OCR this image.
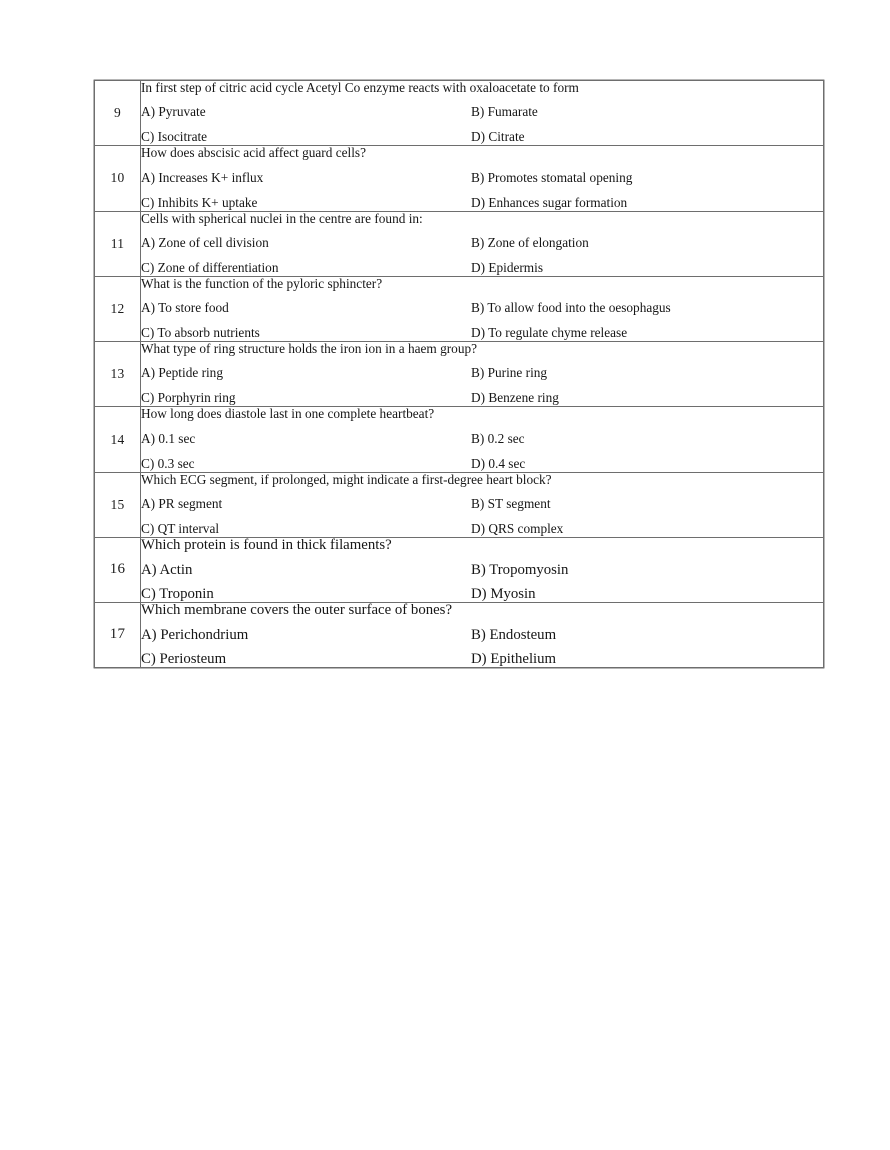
9	In first step of citric acid cycle Acetyl Co enzyme reacts with oxaloacetate to form
A) Pyruvate B) Fumarate
C) Isocitrate D) Citrate

10	How does abscisic acid affect guard cells?
A) Increases K+ influx B) Promotes stomatal opening
C) Inhibits K+ uptake D) Enhances sugar formation

11	Cells with spherical nuclei in the centre are found in:
A) Zone of cell division B) Zone of elongation
C) Zone of differentiation D) Epidermis

12	What is the function of the pyloric sphincter?
A) To store food B) To allow food into the oesophagus
C) To absorb nutrients D) To regulate chyme release

13	What type of ring structure holds the iron ion in a haem group?
A) Peptide ring B) Purine ring
C) Porphyrin ring D) Benzene ring

14	How long does diastole last in one complete heartbeat?
A) 0.1 sec B) 0.2 sec
C) 0.3 sec D) 0.4 sec

15	Which ECG segment, if prolonged, might indicate a first-degree heart block?
A) PR segment B) ST segment
C) QT interval D) QRS complex

16	Which protein is found in thick filaments?
A) Actin B) Tropomyosin
C) Troponin D) Myosin

17	Which membrane covers the outer surface of bones?
A) Perichondrium B) Endosteum
C) Periosteum D) Epithelium
